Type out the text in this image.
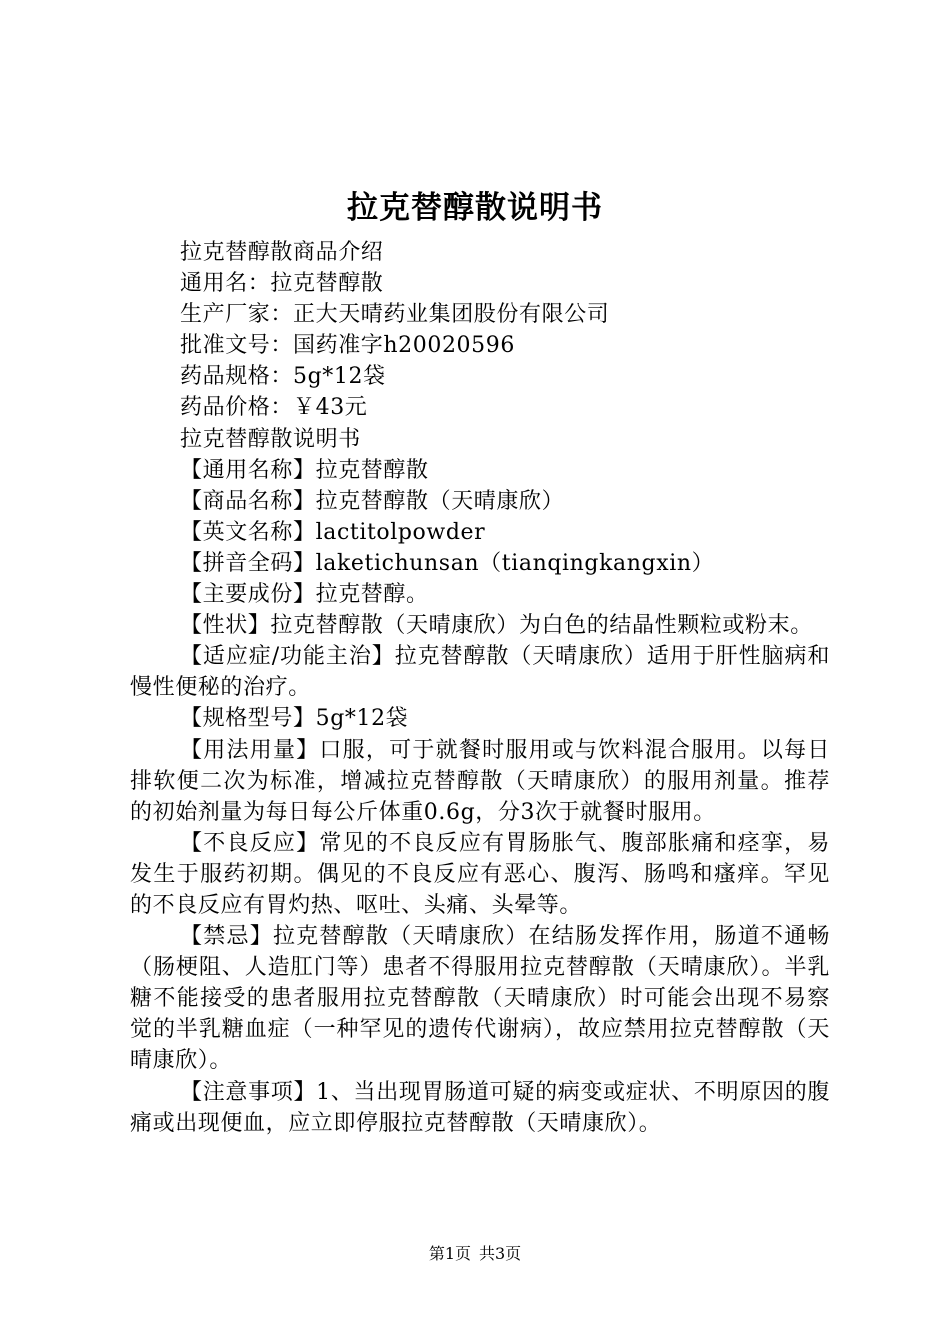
拉克替醇散说明书

拉克替醇散商品介绍

通用名：拉克替醇散

生产厂家：正大天晴药业集团股份有限公司

批准文号：国药准字h20020596

药品规格：5g*12袋

药品价格：￥43元

拉克替醇散说明书

【通用名称】拉克替醇散

【商品名称】拉克替醇散（天晴康欣）

【英文名称】lactitolpowder

【拼音全码】laketichunsan（tianqingkangxin）

【主要成份】拉克替醇。

【性状】拉克替醇散（天晴康欣）为白色的结晶性颗粒或粉末。

【适应症/功能主治】拉克替醇散（天晴康欣）适用于肝性脑病和慢性便秘的治疗。

【规格型号】5g*12袋

【用法用量】口服，可于就餐时服用或与饮料混合服用。以每日排软便二次为标准，增减拉克替醇散（天晴康欣）的服用剂量。推荐的初始剂量为每日每公斤体重0.6g，分3次于就餐时服用。

【不良反应】常见的不良反应有胃肠胀气、腹部胀痛和痉挛，易发生于服药初期。偶见的不良反应有恶心、腹泻、肠鸣和瘙痒。罕见的不良反应有胃灼热、呕吐、头痛、头晕等。

【禁忌】拉克替醇散（天晴康欣）在结肠发挥作用，肠道不通畅（肠梗阻、人造肛门等）患者不得服用拉克替醇散（天晴康欣）。半乳糖不能接受的患者服用拉克替醇散（天晴康欣）时可能会出现不易察觉的半乳糖血症（一种罕见的遗传代谢病），故应禁用拉克替醇散（天晴康欣）。

【注意事项】1、当出现胃肠道可疑的病变或症状、不明原因的腹痛或出现便血，应立即停服拉克替醇散（天晴康欣）。

第1页 共3页
